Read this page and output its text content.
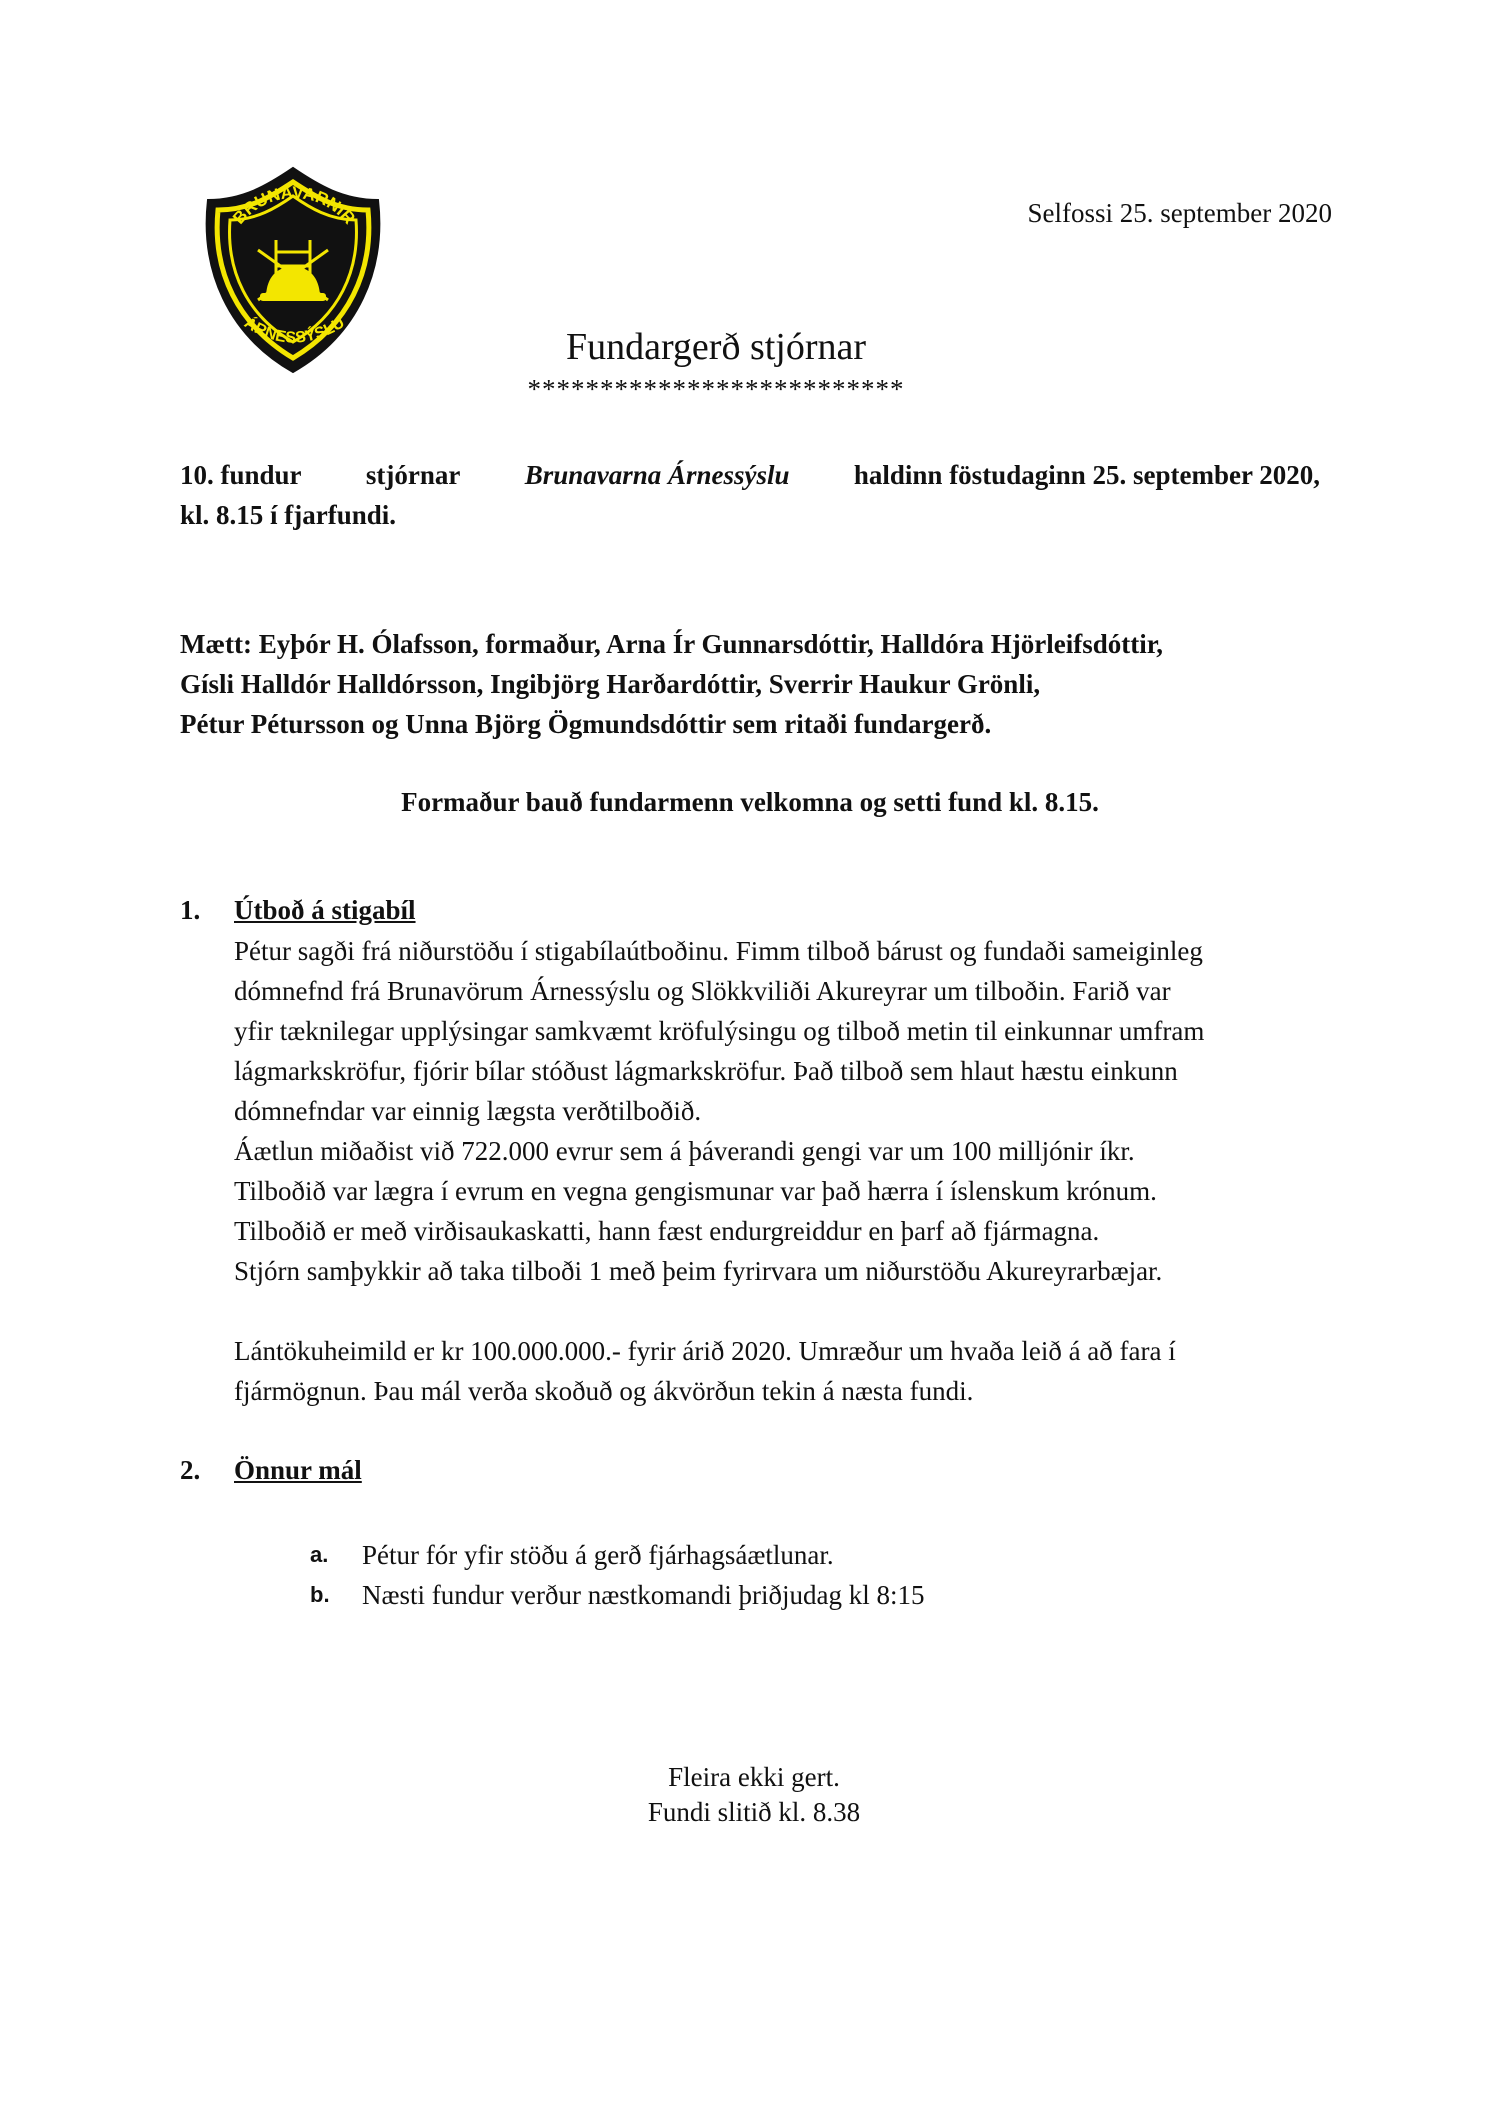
BRUNAVARNIR
ÁRNESSÝSLU
Selfossi 25. september 2020
Fundargerð stjórnar
**************************
10. fundur stjórnar Brunavarna Árnessýslu haldinn föstudaginn 25. september 2020,
kl. 8.15 í fjarfundi.
Mætt: Eyþór H. Ólafsson, formaður, Arna Ír Gunnarsdóttir, Halldóra Hjörleifsdóttir,
Gísli Halldór Halldórsson, Ingibjörg Harðardóttir, Sverrir Haukur Grönli,
Pétur Pétursson og Unna Björg Ögmundsdóttir sem ritaði fundargerð.
Formaður bauð fundarmenn velkomna og setti fund kl. 8.15.
1. Útboð á stigabíl

Pétur sagði frá niðurstöðu í stigabílaútboðinu. Fimm tilboð bárust og fundaði sameiginleg

dómnefnd frá Brunavörum Árnessýslu og Slökkviliði Akureyrar um tilboðin. Farið var

yfir tæknilegar upplýsingar samkvæmt kröfulýsingu og tilboð metin til einkunnar umfram

lágmarkskröfur, fjórir bílar stóðust lágmarkskröfur. Það tilboð sem hlaut hæstu einkunn

dómnefndar var einnig lægsta verðtilboðið.

Áætlun miðaðist við 722.000 evrur sem á þáverandi gengi var um 100 milljónir íkr.

Tilboðið var lægra í evrum en vegna gengismunar var það hærra í íslenskum krónum.

Tilboðið er með virðisaukaskatti, hann fæst endurgreiddur en þarf að fjármagna.

Stjórn samþykkir að taka tilboði 1 með þeim fyrirvara um niðurstöðu Akureyrarbæjar.

Lántökuheimild er kr 100.000.000.- fyrir árið 2020. Umræður um hvaða leið á að fara í

fjármögnun. Þau mál verða skoðuð og ákvörðun tekin á næsta fundi.

2. Önnur mál
a.	Pétur fór yfir stöðu á gerð fjárhagsáætlunar.
b.	Næsti fundur verður næstkomandi þriðjudag kl 8:15
Fleira ekki gert.
Fundi slitið kl. 8.38
